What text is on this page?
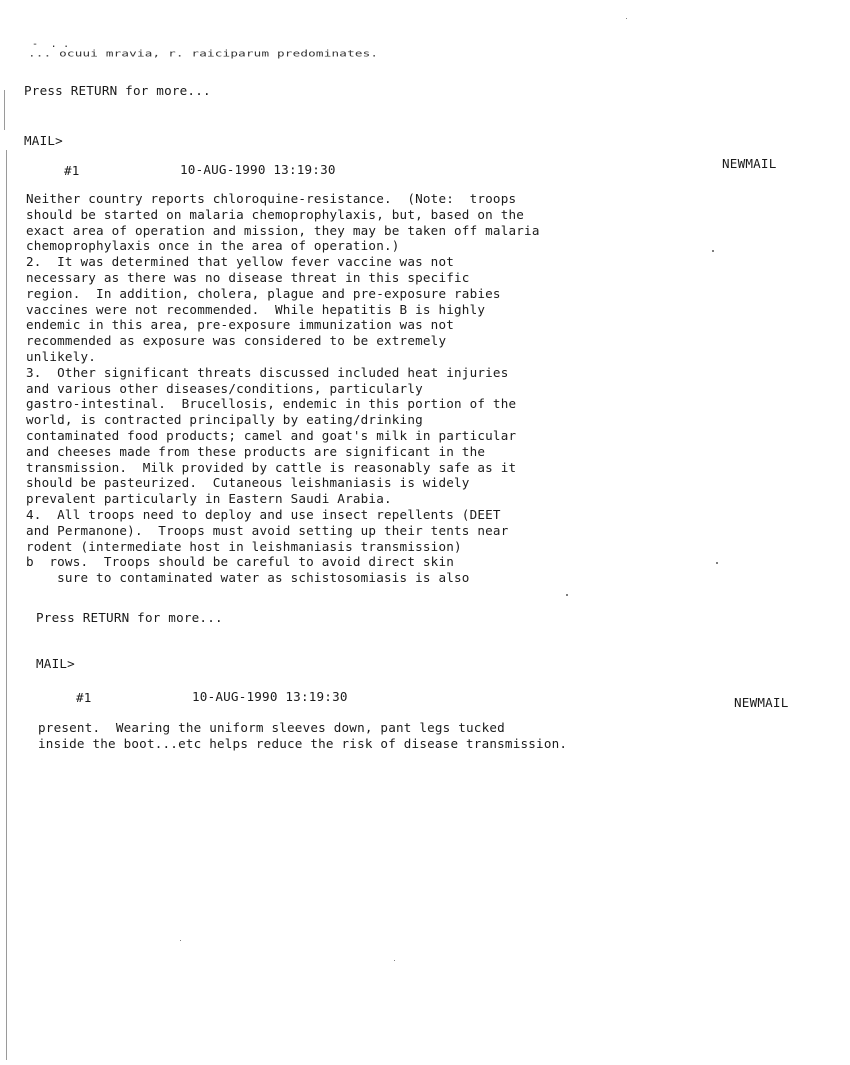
-  . .
... ocuui mravia, r. raiciparum predominates.
Press RETURN for more...
MAIL>
#1	10-AUG-1990 13:19:30	NEWMAIL
Neither country reports chloroquine-resistance.  (Note:  troops
should be started on malaria chemoprophylaxis, but, based on the
exact area of operation and mission, they may be taken off malaria
chemoprophylaxis once in the area of operation.)
2.  It was determined that yellow fever vaccine was not
necessary as there was no disease threat in this specific
region.  In addition, cholera, plague and pre-exposure rabies
vaccines were not recommended.  While hepatitis B is highly
endemic in this area, pre-exposure immunization was not
recommended as exposure was considered to be extremely
unlikely.
3.  Other significant threats discussed included heat injuries
and various other diseases/conditions, particularly
gastro-intestinal.  Brucellosis, endemic in this portion of the
world, is contracted principally by eating/drinking
contaminated food products; camel and goat's milk in particular
and cheeses made from these products are significant in the
transmission.  Milk provided by cattle is reasonably safe as it
should be pasteurized.  Cutaneous leishmaniasis is widely
prevalent particularly in Eastern Saudi Arabia.
4.  All troops need to deploy and use insect repellents (DEET
and Permanone).  Troops must avoid setting up their tents near
rodent (intermediate host in leishmaniasis transmission)
b  rows.  Troops should be careful to avoid direct skin
sure to contaminated water as schistosomiasis is also
Press RETURN for more...
MAIL>
#1	10-AUG-1990 13:19:30	NEWMAIL
present.  Wearing the uniform sleeves down, pant legs tucked
inside the boot...etc helps reduce the risk of disease transmission.
